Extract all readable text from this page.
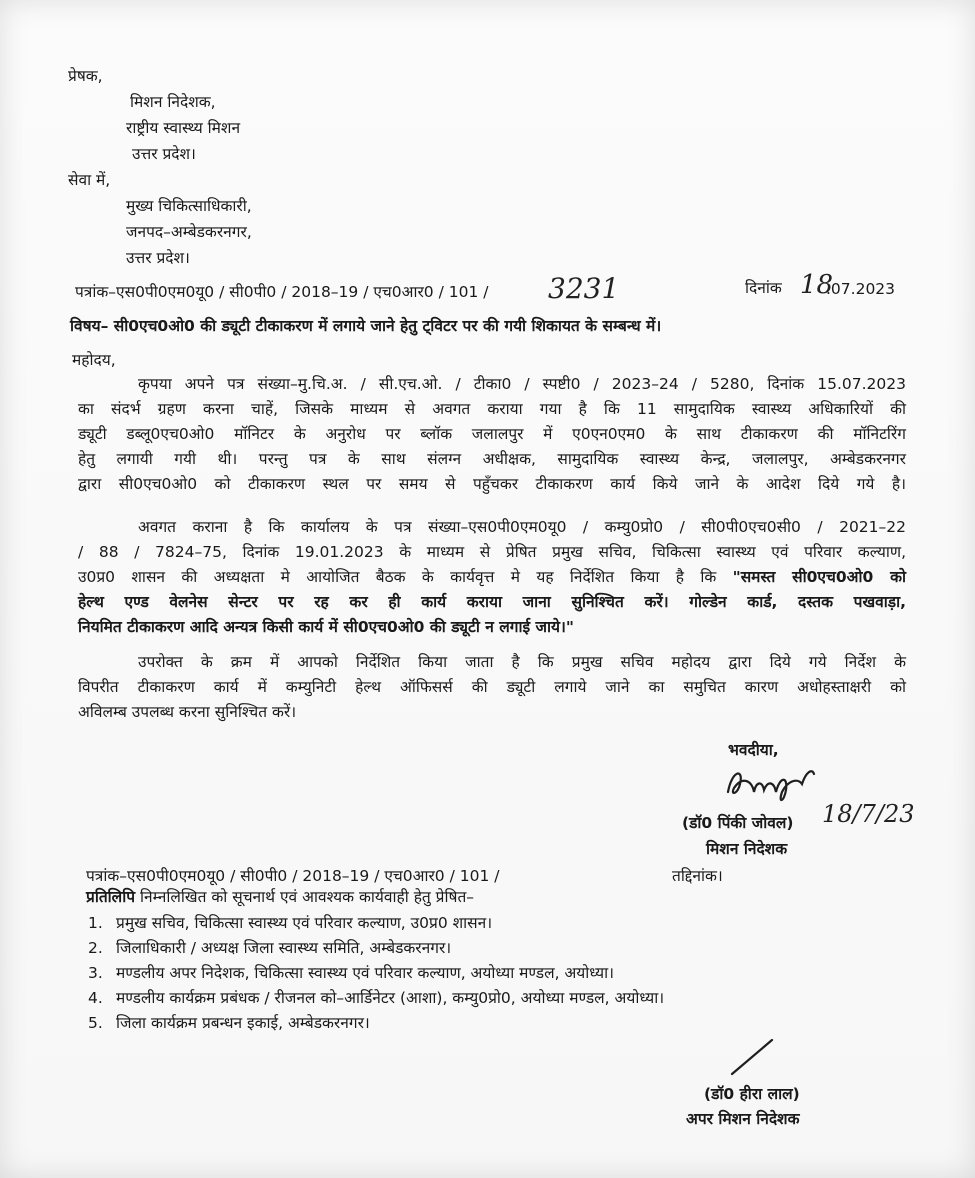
प्रेषक,
मिशन निदेशक,
राष्ट्रीय स्वास्थ्य मिशन
उत्तर प्रदेश।
सेवा में,
मुख्य चिकित्साधिकारी,
जनपद–अम्बेडकरनगर,
उत्तर प्रदेश।
पत्रांक–एस0पी0एम0यू0 / सी0पी0 / 2018–19 / एच0आर0 / 101 / 3231	दिनांक 18
.07.2023
विषय– सी0एच0ओ0 की ड्यूटी टीकाकरण में लगाये जाने हेतु ट्विटर पर की गयी शिकायत के सम्बन्ध में।
महोदय,
कृपया अपने पत्र संख्या–मु.चि.अ. / सी.एच.ओ. / टीका0 / स्पष्टी0 / 2023–24 / 5280, दिनांक 15.07.2023
का संदर्भ ग्रहण करना चाहें, जिसके माध्यम से अवगत कराया गया है कि 11 सामुदायिक स्वास्थ्य अधिकारियों की
ड्यूटी डब्लू0एच0ओ0 मॉनिटर के अनुरोध पर ब्लॉक जलालपुर में ए0एन0एम0 के साथ टीकाकरण की मॉनिटरिंग
हेतु लगायी गयी थी। परन्तु पत्र के साथ संलग्न अधीक्षक, सामुदायिक स्वास्थ्य केन्द्र, जलालपुर, अम्बेडकरनगर
द्वारा सी0एच0ओ0 को टीकाकरण स्थल पर समय से पहुँचकर टीकाकरण कार्य किये जाने के आदेश दिये गये है।
अवगत कराना है कि कार्यालय के पत्र संख्या–एस0पी0एम0यू0 / कम्यु0प्रो0 / सी0पी0एच0सी0 / 2021–22
/ 88 / 7824–75, दिनांक 19.01.2023 के माध्यम से प्रेषित प्रमुख सचिव, चिकित्सा स्वास्थ्य एवं परिवार कल्याण,
उ0प्र0 शासन की अध्यक्षता मे आयोजित बैठक के कार्यवृत्त मे यह निर्देशित किया है कि "समस्त सी0एच0ओ0 को
हेल्थ एण्ड वेलनेस सेन्टर पर रह कर ही कार्य कराया जाना सुनिश्चित करें। गोल्डेन कार्ड, दस्तक पखवाड़ा,
नियमित टीकाकरण आदि अन्यत्र किसी कार्य में सी0एच0ओ0 की ड्यूटी न लगाई जाये।"
उपरोक्त के क्रम में आपको निर्देशित किया जाता है कि प्रमुख सचिव महोदय द्वारा दिये गये निर्देश के
विपरीत टीकाकरण कार्य में कम्युनिटी हेल्थ ऑफिसर्स की ड्यूटी लगाये जाने का समुचित कारण अधोहस्ताक्षरी को
अविलम्ब उपलब्ध करना सुनिश्चित करें।
भवदीया,
(डॉ0 पिंकी जोवल) 18/7/23
मिशन निदेशक
पत्रांक–एस0पी0एम0यू0 / सी0पी0 / 2018–19 / एच0आर0 / 101 /	तद्दिनांक।
प्रतिलिपि निम्नलिखित को सूचनार्थ एवं आवश्यक कार्यवाही हेतु प्रेषित–
1. प्रमुख सचिव, चिकित्सा स्वास्थ्य एवं परिवार कल्याण, उ0प्र0 शासन।
2. जिलाधिकारी / अध्यक्ष जिला स्वास्थ्य समिति, अम्बेडकरनगर।
3. मण्डलीय अपर निदेशक, चिकित्सा स्वास्थ्य एवं परिवार कल्याण, अयोध्या मण्डल, अयोध्या।
4. मण्डलीय कार्यक्रम प्रबंधक / रीजनल को–आर्डिनेटर (आशा), कम्यु0प्रो0, अयोध्या मण्डल, अयोध्या।
5. जिला कार्यक्रम प्रबन्धन इकाई, अम्बेडकरनगर।
(डॉ0 हीरा लाल)
अपर मिशन निदेशक
